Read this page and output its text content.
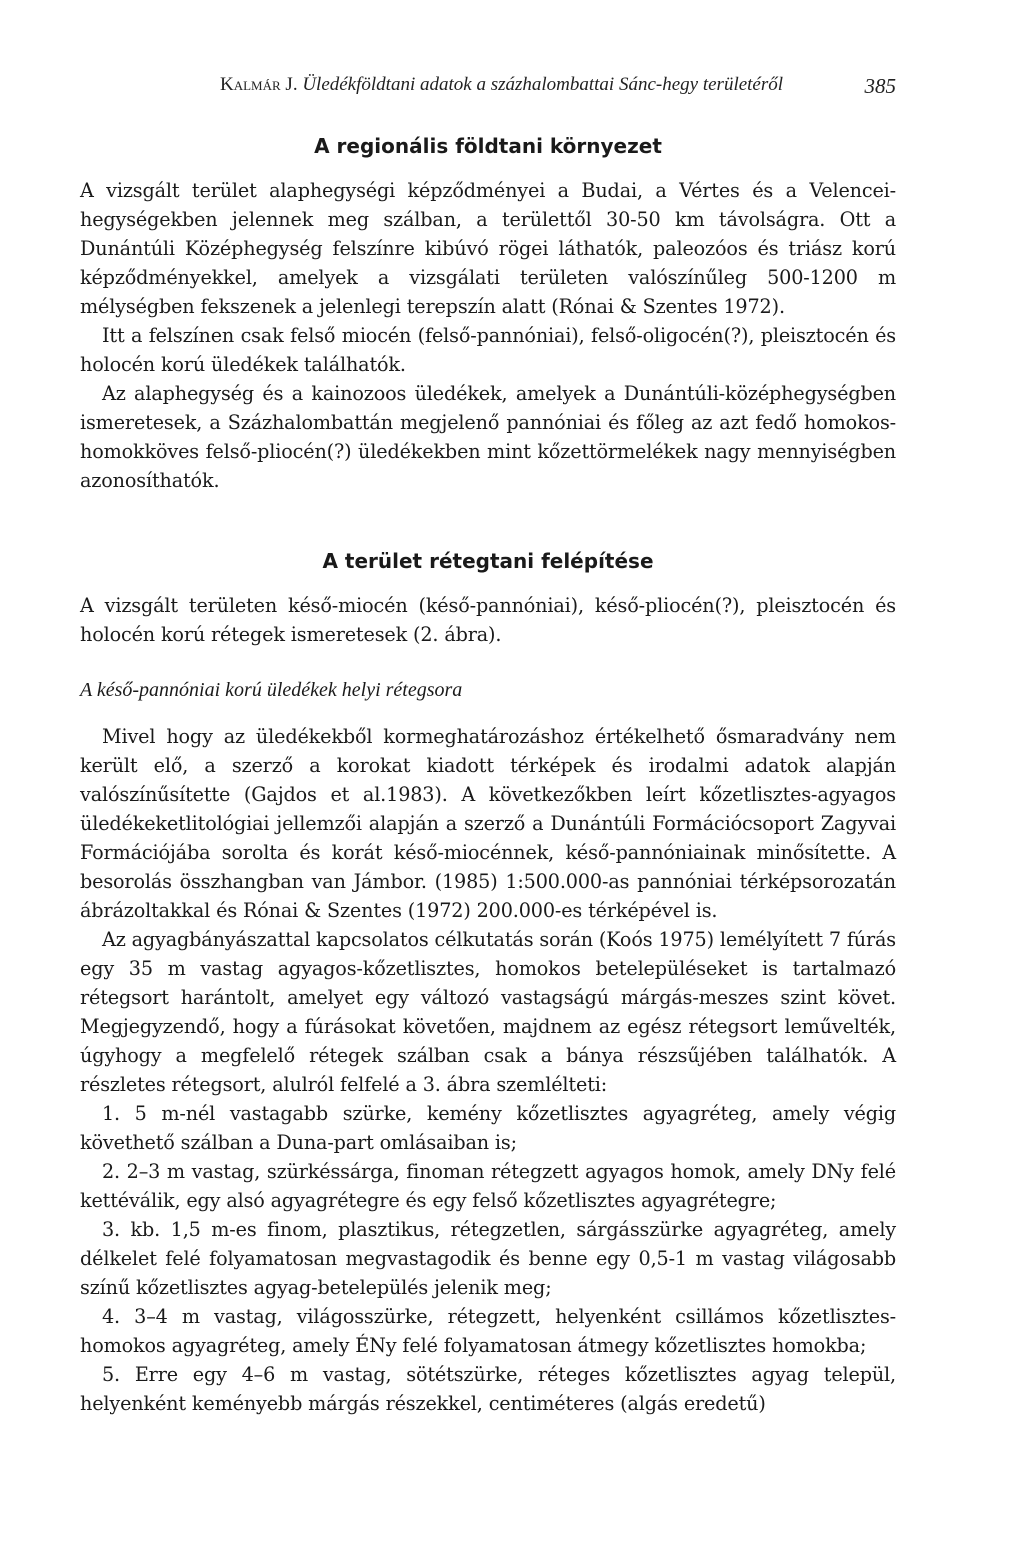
Kalmár J. Üledékföldtani adatok a százhalombattai Sánc-hegy területéről	385
A regionális földtani környezet

A vizsgált terület alaphegységi képződményei a Budai, a Vértes és a Velencei-hegységekben jelennek meg szálban, a területtől 30-50 km távolságra. Ott a Dunántúli Középhegység felszínre kibúvó rögei láthatók, paleozóos és triász korú képződményekkel, amelyek a vizsgálati területen valószínűleg 500-1200 m mélységben fekszenek a jelenlegi terepszín alatt (Rónai & Szentes 1972).

Itt a felszínen csak felső miocén (felső-pannóniai), felső-oligocén(?), pleisztocén és holocén korú üledékek találhatók.

Az alaphegység és a kainozoos üledékek, amelyek a Dunántúli-középhegységben ismeretesek, a Százhalombattán megjelenő pannóniai és főleg az azt fedő homokos-homokköves felső-pliocén(?) üledékekben mint kőzettörmelékek nagy mennyiségben azonosíthatók.

A terület rétegtani felépítése

A vizsgált területen késő-miocén (késő-pannóniai), késő-pliocén(?), pleisztocén és holocén korú rétegek ismeretesek (2. ábra).

A késő-pannóniai korú üledékek helyi rétegsora

Mivel hogy az üledékekből kormeghatározáshoz értékelhető ősmaradvány nem került elő, a szerző a korokat kiadott térképek és irodalmi adatok alapján valószínűsítette (Gajdos et al.1983). A következőkben leírt kőzetlisztes-agyagos üledékeketlitológiai jellemzői alapján a szerző a Dunántúli Formációcsoport Zagyvai Formációjába sorolta és korát késő-miocénnek, késő-pannóniainak minősítette. A besorolás összhangban van Jámbor. (1985) 1:500.000-as pannóniai térképsorozatán ábrázoltakkal és Rónai & Szentes (1972) 200.000-es térképével is.

Az agyagbányászattal kapcsolatos célkutatás során (Koós 1975) lemélyített 7 fúrás egy 35 m vastag agyagos-kőzetlisztes, homokos betelepüléseket is tartalmazó rétegsort harántolt, amelyet egy változó vastagságú márgás-meszes szint követ. Megjegyzendő, hogy a fúrásokat követően, majdnem az egész rétegsort leművelték, úgyhogy a megfelelő rétegek szálban csak a bánya részsűjében találhatók. A részletes rétegsort, alulról felfelé a 3. ábra szemlélteti:

1. 5 m-nél vastagabb szürke, kemény kőzetlisztes agyagréteg, amely végig követhető szálban a Duna-part omlásaiban is;

2. 2–3 m vastag, szürkéssárga, finoman rétegzett agyagos homok, amely DNy felé kettéválik, egy alsó agyagrétegre és egy felső kőzetlisztes agyagrétegre;

3. kb. 1,5 m-es finom, plasztikus, rétegzetlen, sárgásszürke agyagréteg, amely délkelet felé folyamatosan megvastagodik és benne egy 0,5-1 m vastag világosabb színű kőzetlisztes agyag-betelepülés jelenik meg;

4. 3–4 m vastag, világosszürke, rétegzett, helyenként csillámos kőzetlisztes-homokos agyagréteg, amely ÉNy felé folyamatosan átmegy kőzetlisztes homokba;

5. Erre egy 4–6 m vastag, sötétszürke, réteges kőzetlisztes agyag települ, helyenként keményebb márgás részekkel, centiméteres (algás eredetű)
